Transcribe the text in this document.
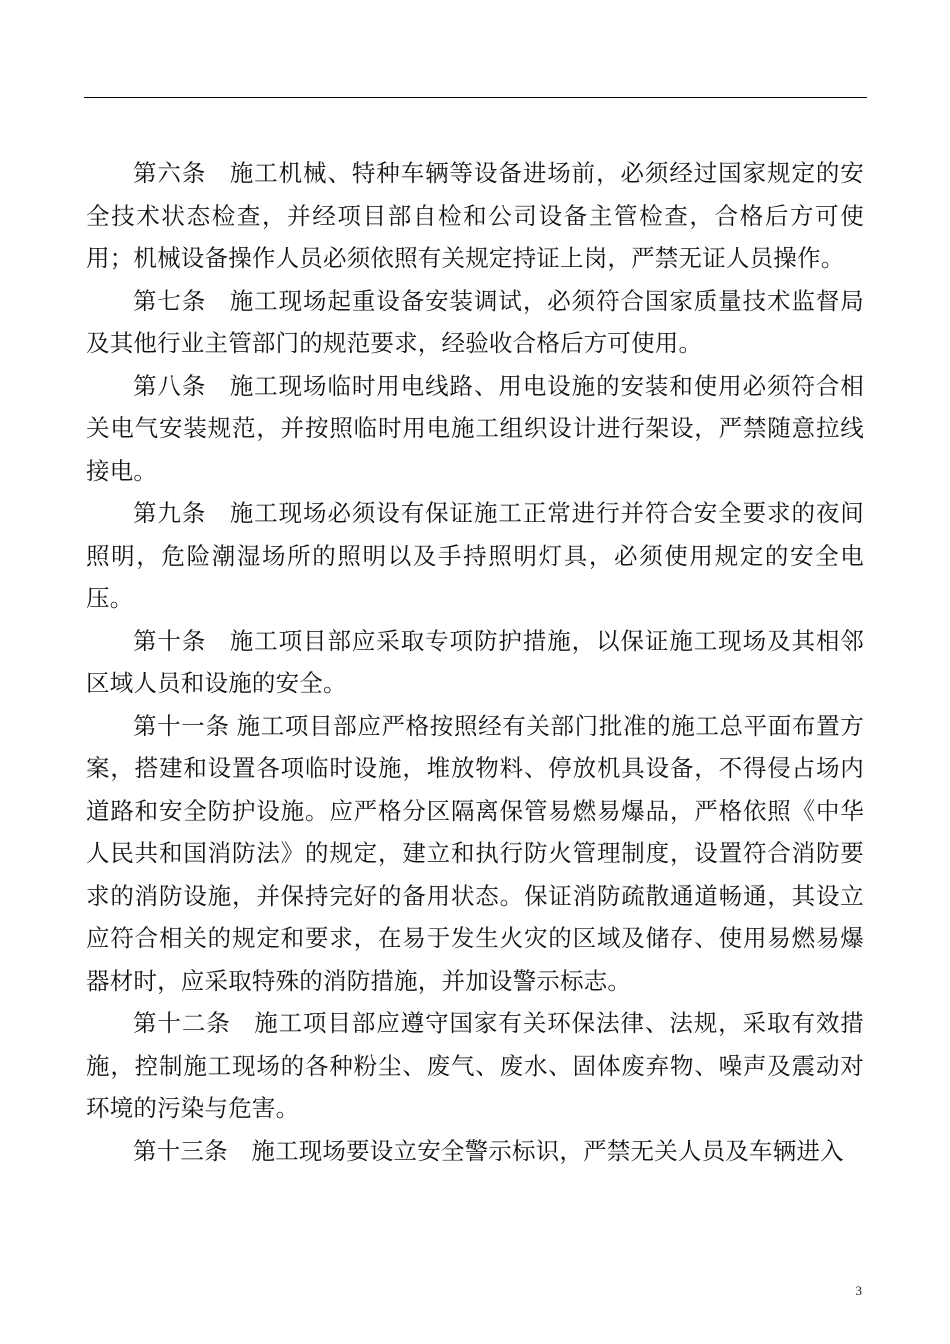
第六条 施工机械、特种车辆等设备进场前，必须经过国家规定的安全技术状态检查，并经项目部自检和公司设备主管检查，合格后方可使用；机械设备操作人员必须依照有关规定持证上岗，严禁无证人员操作。

第七条 施工现场起重设备安装调试，必须符合国家质量技术监督局及其他行业主管部门的规范要求，经验收合格后方可使用。

第八条 施工现场临时用电线路、用电设施的安装和使用必须符合相关电气安装规范，并按照临时用电施工组织设计进行架设，严禁随意拉线接电。

第九条 施工现场必须设有保证施工正常进行并符合安全要求的夜间照明，危险潮湿场所的照明以及手持照明灯具，必须使用规定的安全电压。

第十条 施工项目部应采取专项防护措施，以保证施工现场及其相邻区域人员和设施的安全。

第十一条 施工项目部应严格按照经有关部门批准的施工总平面布置方案，搭建和设置各项临时设施，堆放物料、停放机具设备，不得侵占场内道路和安全防护设施。应严格分区隔离保管易燃易爆品，严格依照《中华人民共和国消防法》的规定，建立和执行防火管理制度，设置符合消防要求的消防设施，并保持完好的备用状态。保证消防疏散通道畅通，其设立应符合相关的规定和要求，在易于发生火灾的区域及储存、使用易燃易爆器材时，应采取特殊的消防措施，并加设警示标志。

第十二条 施工项目部应遵守国家有关环保法律、法规，采取有效措施，控制施工现场的各种粉尘、废气、废水、固体废弃物、噪声及震动对环境的污染与危害。

第十三条 施工现场要设立安全警示标识，严禁无关人员及车辆进入

3
